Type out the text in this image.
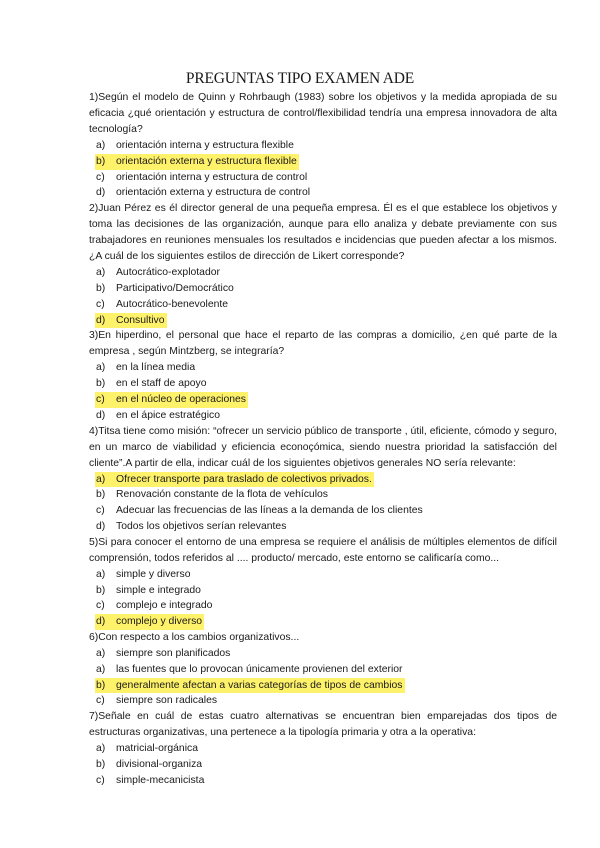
PREGUNTAS TIPO EXAMEN ADE

1)Según el modelo de Quinn y Rohrbaugh (1983) sobre los objetivos y la medida apropiada de su eficacia ¿qué orientación y estructura de control/flexibilidad tendría una empresa innovadora de alta tecnología?

a) orientación interna y estructura flexible
b) orientación externa y estructura flexible
c) orientación interna y estructura de control
d) orientación externa y estructura de control

2)Juan Pérez es él director general de una pequeña empresa. Él es el que establece los objetivos y toma las decisiones de las organización, aunque para ello analiza y debate previamente con sus trabajadores en reuniones mensuales los resultados e incidencias que pueden afectar a los mismos. ¿A cuál de los siguientes estilos de dirección de Likert corresponde?

a) Autocrático-explotador
b) Participativo/Democrático
c) Autocrático-benevolente
d) Consultivo

3)En hiperdino, el personal que hace el reparto de las compras a domicilio, ¿en qué parte de la empresa , según Mintzberg, se integraría?

a) en la línea media
b) en el staff de apoyo
c) en el núcleo de operaciones
d) en el ápice estratégico

4)Titsa tiene como misión: “ofrecer un servicio público de transporte , útil, eficiente, cómodo y seguro, en un marco de viabilidad y eficiencia econoçómica, siendo nuestra prioridad la satisfacción del cliente”.A partir de ella, indicar cuál de los siguientes objetivos generales NO sería relevante:

a) Ofrecer transporte para traslado de colectivos privados.
b) Renovación constante de la flota de vehículos
c) Adecuar las frecuencias de las líneas a la demanda de los clientes
d) Todos los objetivos serían relevantes

5)Si para conocer el entorno de una empresa se requiere el análisis de múltiples elementos de difícil comprensión, todos referidos al .... producto/ mercado, este entorno se calificaría como...

a) simple y diverso
b) simple e integrado
c) complejo e integrado
d) complejo y diverso

6)Con respecto a los cambios organizativos...

a) siempre son planificados
a) las fuentes que lo provocan únicamente provienen del exterior
b) generalmente afectan a varias categorías de tipos de cambios
c) siempre son radicales

7)Señale en cuál de estas cuatro alternativas se encuentran bien emparejadas dos tipos de estructuras organizativas, una pertenece a la tipología primaria y otra a la operativa:

a) matricial-orgánica
b) divisional-organiza
c) simple-mecanicista
